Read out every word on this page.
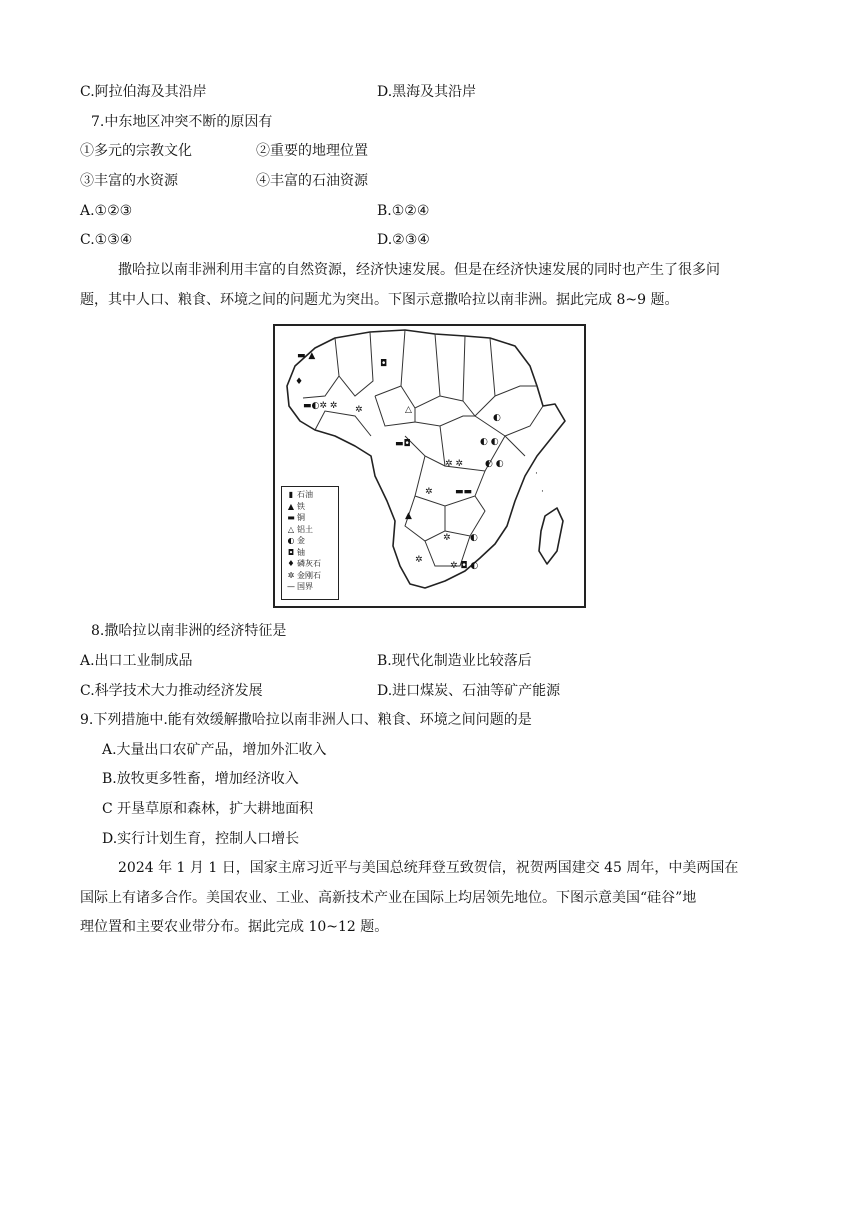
C.阿拉伯海及其沿岸	D.黑海及其沿岸
7.中东地区冲突不断的原因有
①多元的宗教文化	②重要的地理位置
③丰富的水资源	④丰富的石油资源
A.①②③	B.①②④
C.①③④	D.②③④
撒哈拉以南非洲利用丰富的自然资源，经济快速发展。但是在经济快速发展的同时也产生了很多问
题，其中人口、粮食、环境之间的问题尤为突出。下图示意撒哈拉以南非洲。据此完成 8~9 题。
▬ ▲
♦
◘
▬◐✲ ✲ ✲	△
◐
▬◘	◐ ◐
✲ ✲ ◐ ◐
✲ ▬▬
▲
✲ ◐
✲
✲ ◘ ◐
·
·
▮ 石油
▲ 铁
▬ 铜
△ 铝土
◐ 金
◘ 铀
♦ 磷灰石
✲ 金刚石
— 国界
8.撒哈拉以南非洲的经济特征是
A.出口工业制成品	B.现代化制造业比较落后
C.科学技术大力推动经济发展	D.进口煤炭、石油等矿产能源
9.下列措施中.能有效缓解撒哈拉以南非洲人口、粮食、环境之间问题的是
A.大量出口农矿产品，增加外汇收入
B.放牧更多牲畜，增加经济收入
C 开垦草原和森林，扩大耕地面积
D.实行计划生育，控制人口增长
2024 年 1 月 1 日，国家主席习近平与美国总统拜登互致贺信，祝贺两国建交 45 周年，中美两国在
国际上有诸多合作。美国农业、工业、高新技术产业在国际上均居领先地位。下图示意美国“硅谷”地
理位置和主要农业带分布。据此完成 10~12 题。
